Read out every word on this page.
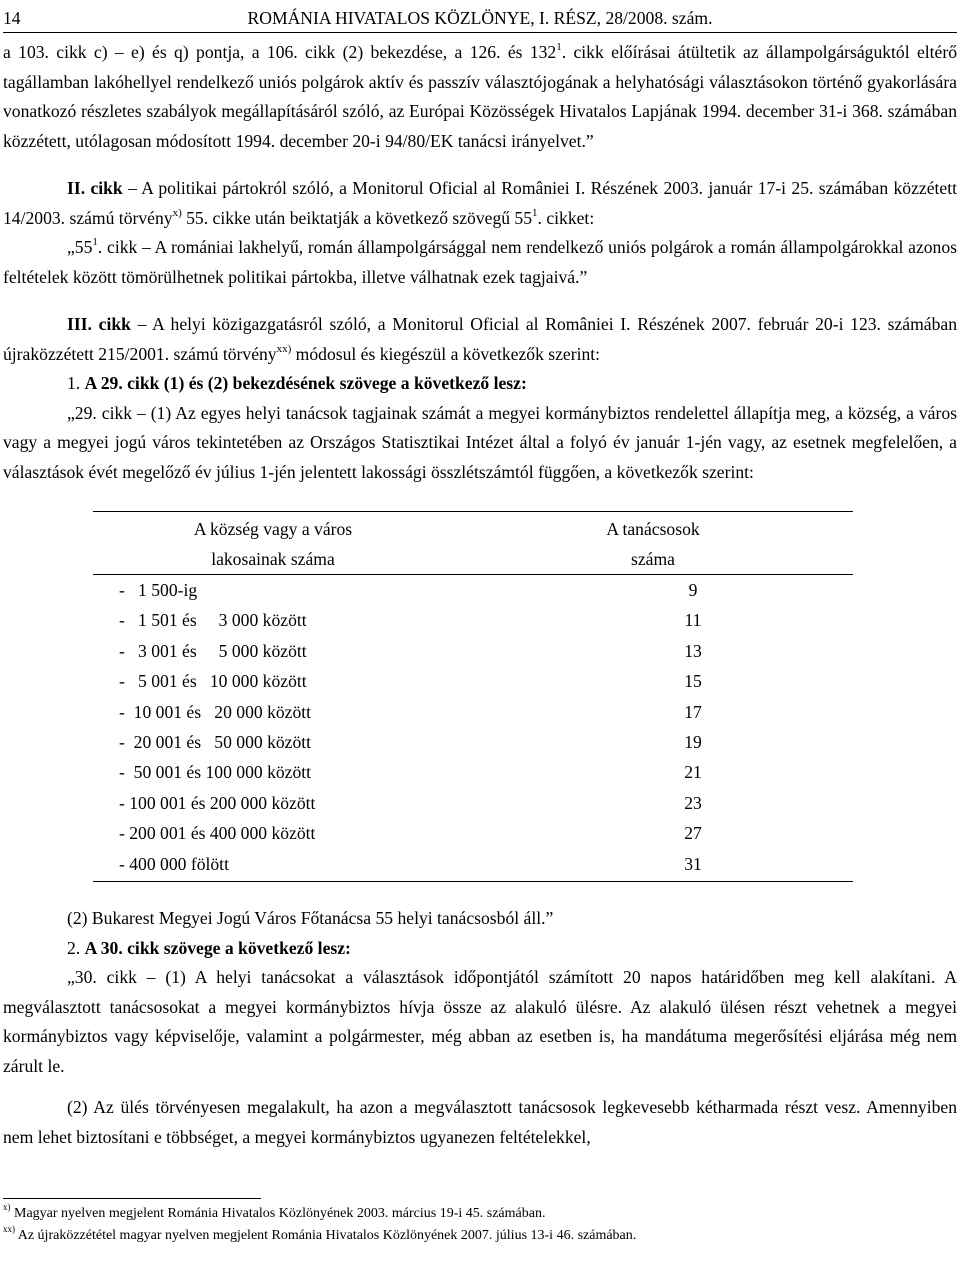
14	ROMÁNIA HIVATALOS KÖZLÖNYE, I. RÉSZ, 28/2008. szám.

a 103. cikk c) – e) és q) pontja, a 106. cikk (2) bekezdése, a 126. és $132^1$. cikk előírásai átültetik az állampolgárságuktól eltérő tagállamban lakóhellyel rendelkező uniós polgárok aktív és passzív választójogának a helyhatósági választásokon történő gyakorlására vonatkozó részletes szabályok megállapításáról szóló, az Európai Közösségek Hivatalos Lapjának 1994. december 31-i 368. számában közzétett, utólagosan módosított 1994. december 20-i 94/80/EK tanácsi irányelvet.”

II. cikk – A politikai pártokról szóló, a Monitorul Oficial al României I. Részének 2003. január 17-i 25. számában közzétett 14/2003. számú törvény$^{x)}$ 55. cikke után beiktatják a következő szövegű $55^1$. cikket:

$„55^1$. cikk – A romániai lakhelyű, román állampolgársággal nem rendelkező uniós polgárok a román állampolgárokkal azonos feltételek között tömörülhetnek politikai pártokba, illetve válhatnak ezek tagjaivá.”

III. cikk – A helyi közigazgatásról szóló, a Monitorul Oficial al României I. Részének 2007. február 20-i 123. számában újraközzétett 215/2001. számú törvény$^{xx)}$ módosul és kiegészül a következők szerint:

1. A 29. cikk (1) és (2) bekezdésének szövege a következő lesz:

„29. cikk – (1) Az egyes helyi tanácsok tagjainak számát a megyei kormánybiztos rendelettel állapítja meg, a község, a város vagy a megyei jogú város tekintetében az Országos Statisztikai Intézet által a folyó év január 1-jén vagy, az esetnek megfelelően, a választások évét megelőző év július 1-jén jelentett lakossági összlétszámtól függően, a következők szerint:

A község vagy a város	A tanácsosok
lakosainak száma	száma
-   1 500-ig	9
-   1 501 és     3 000 között	11
-   3 001 és     5 000 között	13
-   5 001 és   10 000 között	15
-  10 001 és   20 000 között	17
-  20 001 és   50 000 között	19
-  50 001 és 100 000 között	21
- 100 001 és 200 000 között	23
- 200 001 és 400 000 között	27
- 400 000 fölött	31

(2) Bukarest Megyei Jogú Város Főtanácsa 55 helyi tanácsosból áll.”

2. A 30. cikk szövege a következő lesz:

„30. cikk – (1) A helyi tanácsokat a választások időpontjától számított 20 napos határidőben meg kell alakítani. A megválasztott tanácsosokat a megyei kormánybiztos hívja össze az alakuló ülésre. Az alakuló ülésen részt vehetnek a megyei kormánybiztos vagy képviselője, valamint a polgármester, még abban az esetben is, ha mandátuma megerősítési eljárása még nem zárult le.

(2) Az ülés törvényesen megalakult, ha azon a megválasztott tanácsosok legkevesebb kétharmada részt vesz. Amennyiben nem lehet biztosítani e többséget, a megyei kormánybiztos ugyanezen feltételekkel,

$^{x)}$ Magyar nyelven megjelent Románia Hivatalos Közlönyének 2003. március 19-i 45. számában.

$^{xx)}$ Az újraközzététel magyar nyelven megjelent Románia Hivatalos Közlönyének 2007. július 13-i 46. számában.
